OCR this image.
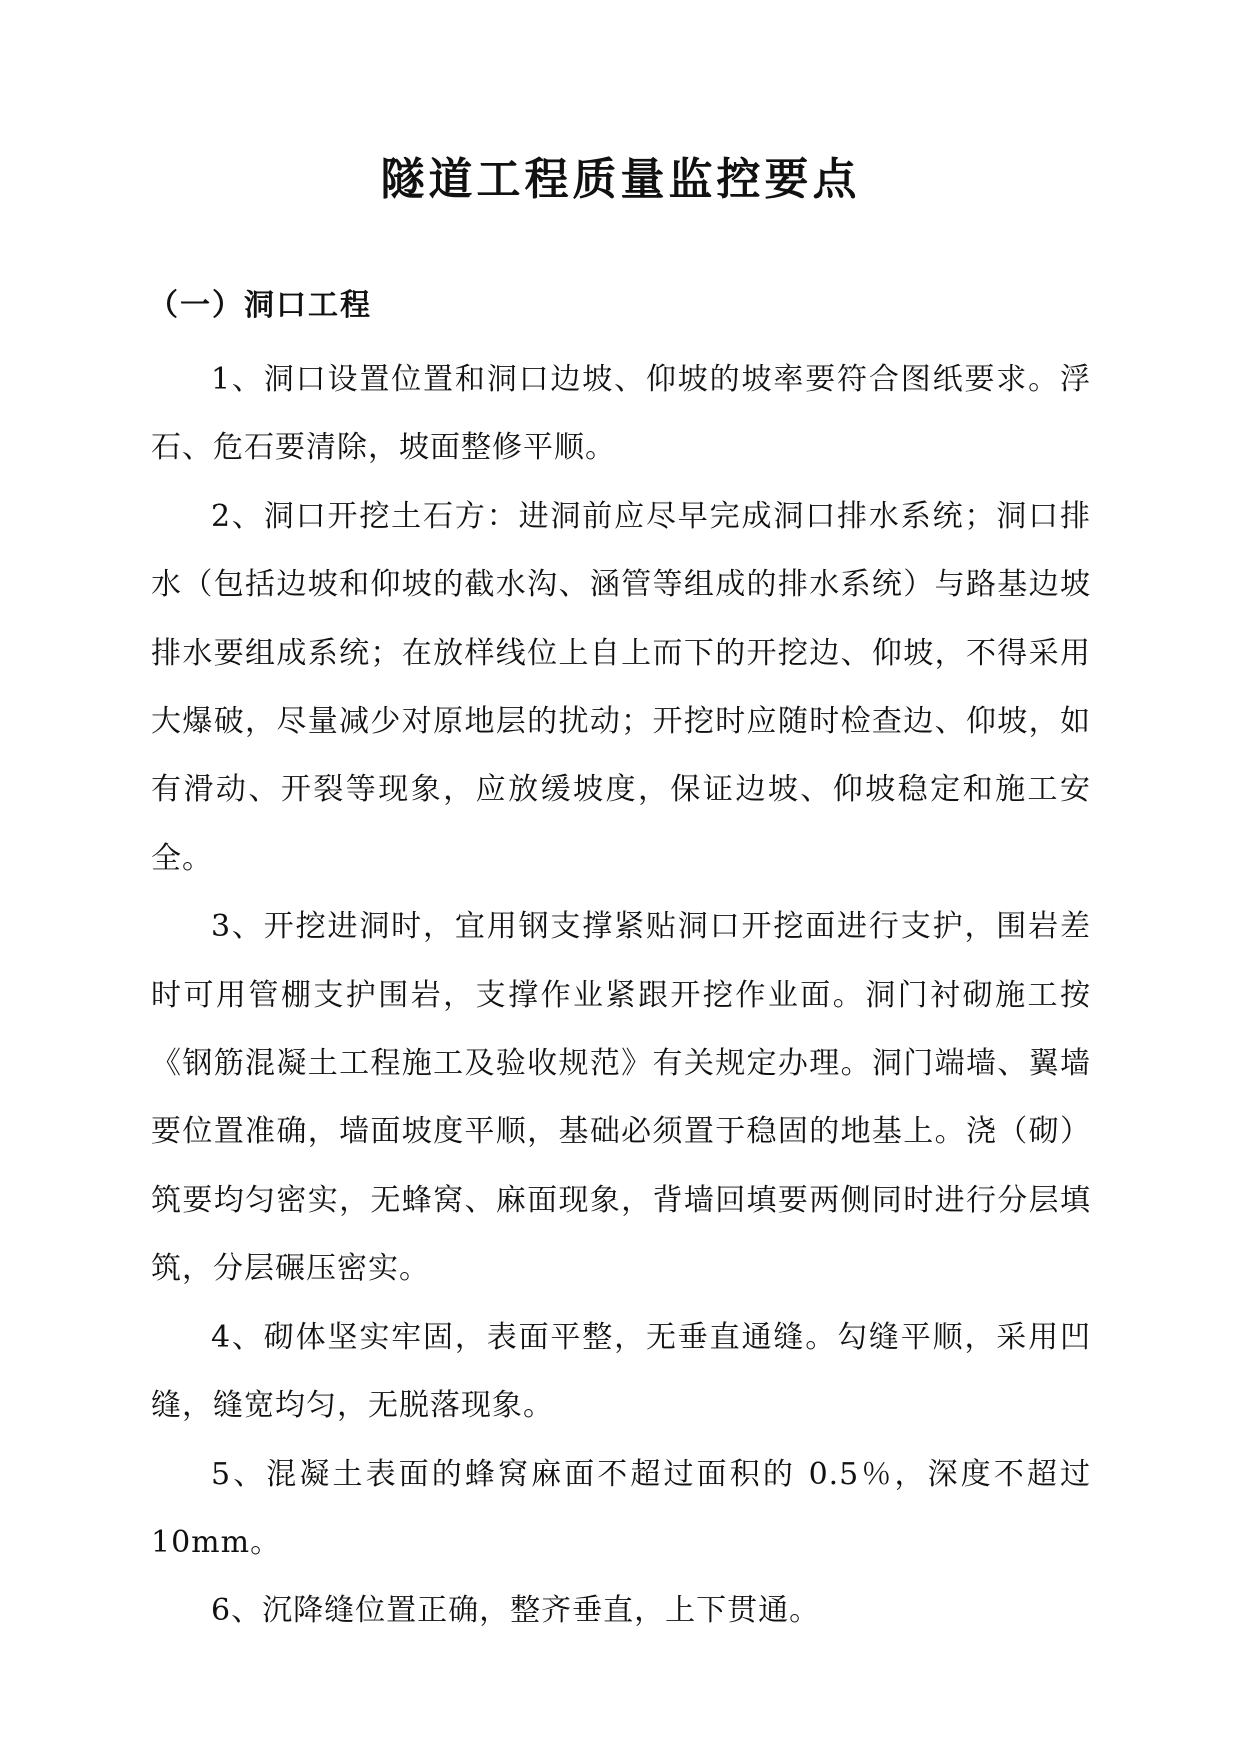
隧道工程质量监控要点
（一）洞口工程

1、洞口设置位置和洞口边坡、仰坡的坡率要符合图纸要求。浮石、危石要清除，坡面整修平顺。

2、洞口开挖土石方：进洞前应尽早完成洞口排水系统；洞口排水（包括边坡和仰坡的截水沟、涵管等组成的排水系统）与路基边坡排水要组成系统；在放样线位上自上而下的开挖边、仰坡，不得采用大爆破，尽量减少对原地层的扰动；开挖时应随时检查边、仰坡，如有滑动、开裂等现象，应放缓坡度，保证边坡、仰坡稳定和施工安全。

3、开挖进洞时，宜用钢支撑紧贴洞口开挖面进行支护，围岩差时可用管棚支护围岩，支撑作业紧跟开挖作业面。洞门衬砌施工按《钢筋混凝土工程施工及验收规范》有关规定办理。洞门端墙、翼墙要位置准确，墙面坡度平顺，基础必须置于稳固的地基上。浇（砌）筑要均匀密实，无蜂窝、麻面现象，背墙回填要两侧同时进行分层填筑，分层碾压密实。

4、砌体坚实牢固，表面平整，无垂直通缝。勾缝平顺，采用凹缝，缝宽均匀，无脱落现象。

5、混凝土表面的蜂窝麻面不超过面积的 0.5％，深度不超过 10mm。

6、沉降缝位置正确，整齐垂直，上下贯通。
